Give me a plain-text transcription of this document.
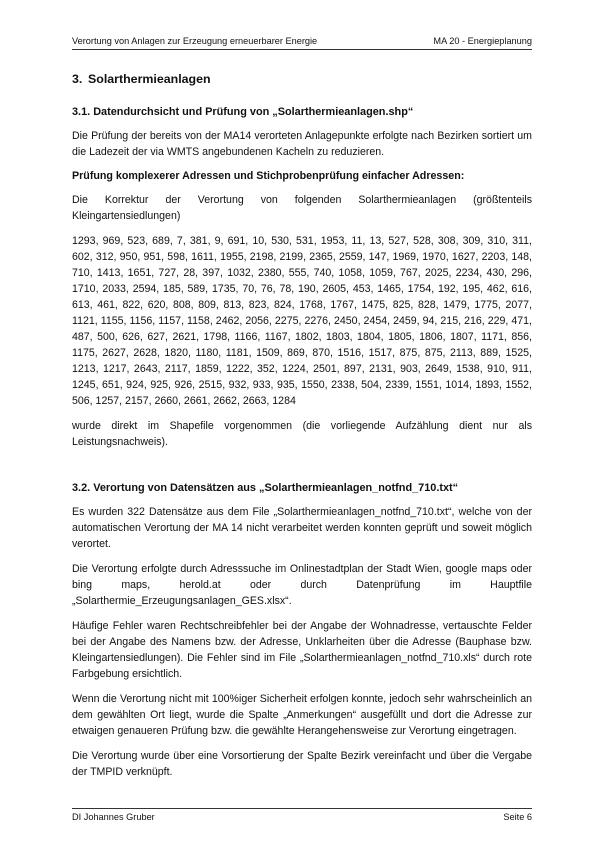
Verortung von Anlagen zur Erzeugung erneuerbarer Energie	MA 20 - Energieplanung
3. Solarthermieanlagen
3.1. Datendurchsicht und Prüfung von „Solarthermieanlagen.shp“

Die Prüfung der bereits von der MA14 verorteten Anlagepunkte erfolgte nach Bezirken sortiert um die Ladezeit der via WMTS angebundenen Kacheln zu reduzieren.

Prüfung komplexerer Adressen und Stichprobenprüfung einfacher Adressen:

Die Korrektur der Verortung von folgenden Solarthermieanlagen (größtenteils Kleingartensiedlungen)

1293, 969, 523, 689, 7, 381, 9, 691, 10, 530, 531, 1953, 11, 13, 527, 528, 308, 309, 310, 311, 602, 312, 950, 951, 598, 1611, 1955, 2198, 2199, 2365, 2559, 147, 1969, 1970, 1627, 2203, 148, 710, 1413, 1651, 727, 28, 397, 1032, 2380, 555, 740, 1058, 1059, 767, 2025, 2234, 430, 296, 1710, 2033, 2594, 185, 589, 1735, 70, 76, 78, 190, 2605, 453, 1465, 1754, 192, 195, 462, 616, 613, 461, 822, 620, 808, 809, 813, 823, 824, 1768, 1767, 1475, 825, 828, 1479, 1775, 2077, 1121, 1155, 1156, 1157, 1158, 2462, 2056, 2275, 2276, 2450, 2454, 2459, 94, 215, 216, 229, 471, 487, 500, 626, 627, 2621, 1798, 1166, 1167, 1802, 1803, 1804, 1805, 1806, 1807, 1171, 856, 1175, 2627, 2628, 1820, 1180, 1181, 1509, 869, 870, 1516, 1517, 875, 875, 2113, 889, 1525, 1213, 1217, 2643, 2117, 1859, 1222, 352, 1224, 2501, 897, 2131, 903, 2649, 1538, 910, 911, 1245, 651, 924, 925, 926, 2515, 932, 933, 935, 1550, 2338, 504, 2339, 1551, 1014, 1893, 1552, 506, 1257, 2157, 2660, 2661, 2662, 2663, 1284

wurde direkt im Shapefile vorgenommen (die vorliegende Aufzählung dient nur als Leistungsnachweis).

3.2. Verortung von Datensätzen aus „Solarthermieanlagen_notfnd_710.txt“

Es wurden 322 Datensätze aus dem File „Solarthermieanlagen_notfnd_710.txt“, welche von der automatischen Verortung der MA 14 nicht verarbeitet werden konnten geprüft und soweit möglich verortet.

Die Verortung erfolgte durch Adresssuche im Onlinestadtplan der Stadt Wien, google maps oder bing maps, herold.at oder durch Datenprüfung im Hauptfile „Solarthermie_Erzeugungsanlagen_GES.xlsx“.

Häufige Fehler waren Rechtschreibfehler bei der Angabe der Wohnadresse, vertauschte Felder bei der Angabe des Namens bzw. der Adresse, Unklarheiten über die Adresse (Bauphase bzw. Kleingartensiedlungen). Die Fehler sind im File „Solarthermieanlagen_notfnd_710.xls“ durch rote Farbgebung ersichtlich.

Wenn die Verortung nicht mit 100%iger Sicherheit erfolgen konnte, jedoch sehr wahrscheinlich an dem gewählten Ort liegt, wurde die Spalte „Anmerkungen“ ausgefüllt und dort die Adresse zur etwaigen genaueren Prüfung bzw. die gewählte Herangehensweise zur Verortung eingetragen.

Die Verortung wurde über eine Vorsortierung der Spalte Bezirk vereinfacht und über die Vergabe der TMPID verknüpft.

DI Johannes Gruber	Seite 6
